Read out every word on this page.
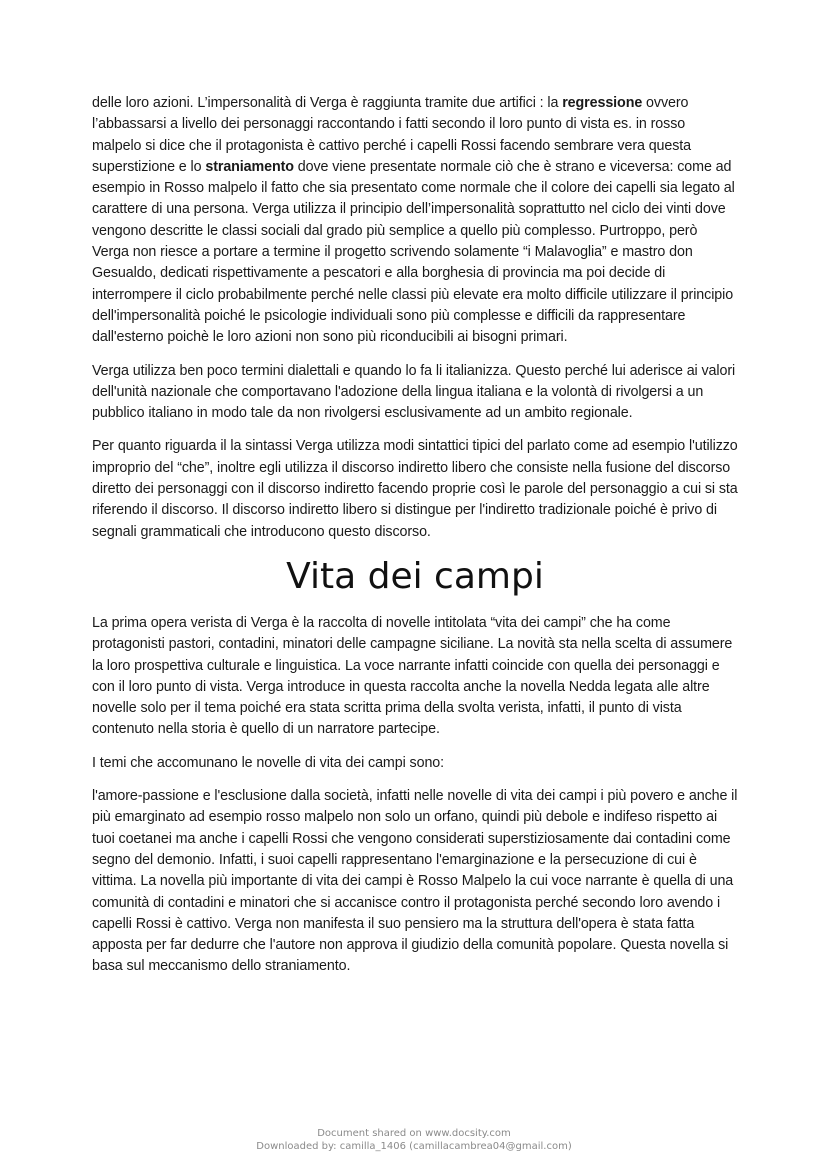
delle loro azioni. L’impersonalità di Verga è raggiunta tramite due artifici : la regressione ovvero l’abbassarsi a livello dei personaggi raccontando i fatti secondo il loro punto di vista es. in rosso malpelo si dice che il protagonista è cattivo perché i capelli Rossi facendo sembrare vera questa superstizione e lo straniamento dove viene presentate normale ciò che è strano e viceversa: come ad esempio in Rosso malpelo il fatto che sia presentato come normale che il colore dei capelli sia legato al carattere di una persona. Verga utilizza il principio dell’impersonalità soprattutto nel ciclo dei vinti dove vengono descritte le classi sociali dal grado più semplice a quello più complesso. Purtroppo, però Verga non riesce a portare a termine il progetto scrivendo solamente “i Malavoglia” e mastro don Gesualdo, dedicati rispettivamente a pescatori e alla borghesia di provincia ma poi decide di interrompere il ciclo probabilmente perché nelle classi più elevate era molto difficile utilizzare il principio dell'impersonalità poiché le psicologie individuali sono più complesse e difficili da rappresentare dall'esterno poichè le loro azioni non sono più riconducibili ai bisogni primari.

Verga utilizza ben poco termini dialettali e quando lo fa li italianizza. Questo perché lui aderisce ai valori dell'unità nazionale che comportavano l'adozione della lingua italiana e la volontà di rivolgersi a un pubblico italiano in modo tale da non rivolgersi esclusivamente ad un ambito regionale.

Per quanto riguarda il la sintassi Verga utilizza modi sintattici tipici del parlato come ad esempio l'utilizzo improprio del “che”, inoltre egli utilizza il discorso indiretto libero che consiste nella fusione del discorso diretto dei personaggi con il discorso indiretto facendo proprie così le parole del personaggio a cui si sta riferendo il discorso. Il discorso indiretto libero si distingue per l'indiretto tradizionale poiché è privo di segnali grammaticali che introducono questo discorso.

Vita dei campi

La prima opera verista di Verga è la raccolta di novelle intitolata “vita dei campi” che ha come protagonisti pastori, contadini, minatori delle campagne siciliane. La novità sta nella scelta di assumere la loro prospettiva culturale e linguistica. La voce narrante infatti coincide con quella dei personaggi e con il loro punto di vista. Verga introduce in questa raccolta anche la novella Nedda legata alle altre novelle solo per il tema poiché era stata scritta prima della svolta verista, infatti, il punto di vista contenuto nella storia è quello di un narratore partecipe.

I temi che accomunano le novelle di vita dei campi sono:

l'amore-passione e l'esclusione dalla società, infatti nelle novelle di vita dei campi i più povero e anche il più emarginato ad esempio rosso malpelo non solo un orfano, quindi più debole e indifeso rispetto ai tuoi coetanei ma anche i capelli Rossi che vengono considerati superstiziosamente dai contadini come segno del demonio. Infatti, i suoi capelli rappresentano l'emarginazione e la persecuzione di cui è vittima. La novella più importante di vita dei campi è Rosso Malpelo la cui voce narrante è quella di una comunità di contadini e minatori che si accanisce contro il protagonista perché secondo loro avendo i capelli Rossi è cattivo. Verga non manifesta il suo pensiero ma la struttura dell'opera è stata fatta apposta per far dedurre che l'autore non approva il giudizio della comunità popolare. Questa novella si basa sul meccanismo dello straniamento.

Document shared on www.docsity.com
Downloaded by: camilla_1406 (camillacambrea04@gmail.com)
